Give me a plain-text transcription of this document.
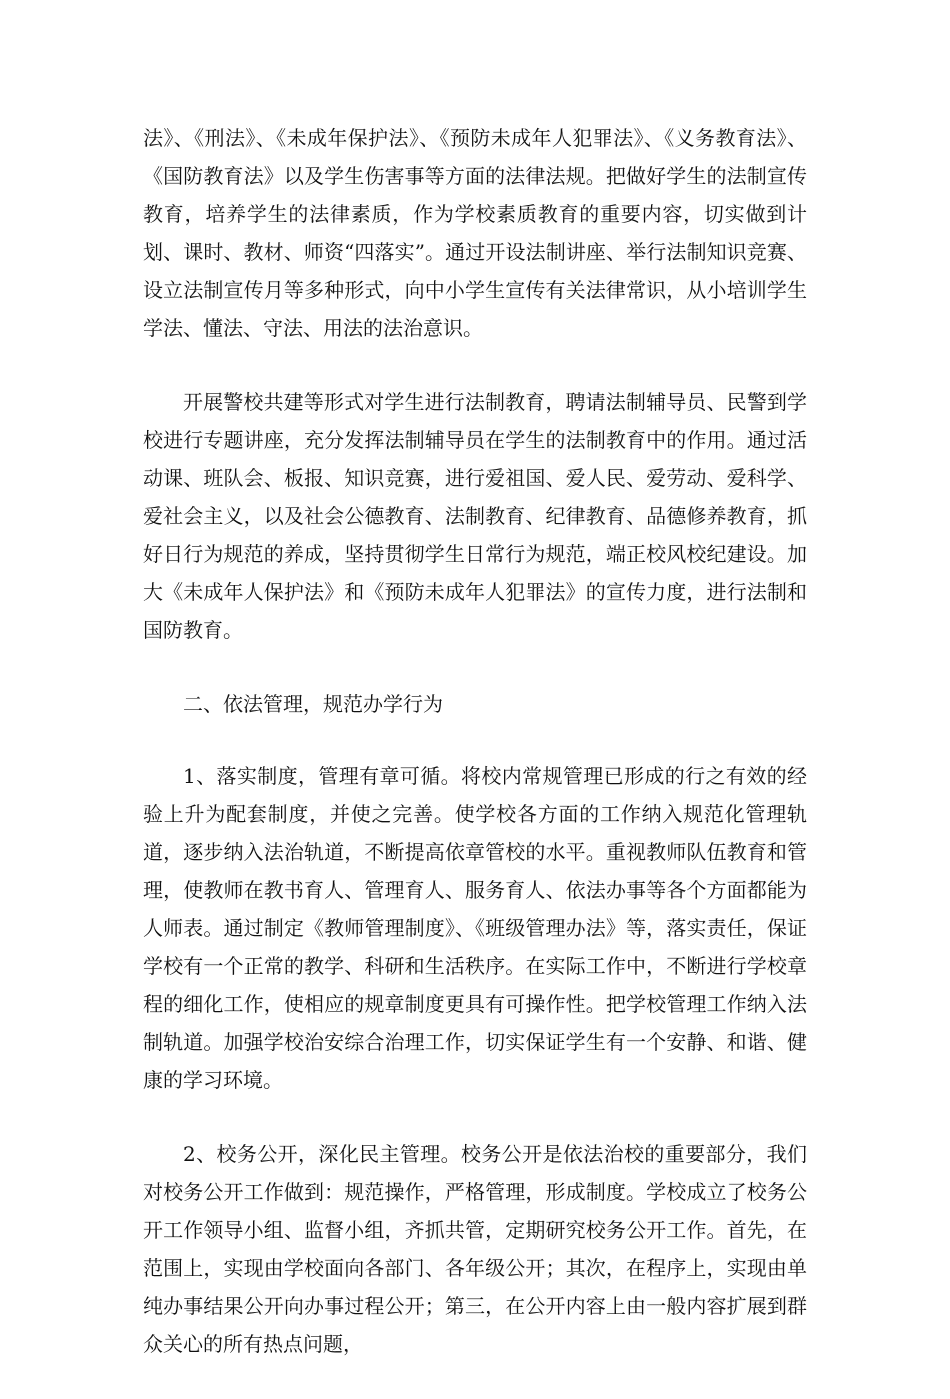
法》、《刑法》、《未成年保护法》、《预防未成年人犯罪法》、《义务教育法》、《国防教育法》以及学生伤害事等方面的法律法规。把做好学生的法制宣传教育，培养学生的法律素质，作为学校素质教育的重要内容，切实做到计划、课时、教材、师资“四落实”。通过开设法制讲座、举行法制知识竞赛、设立法制宣传月等多种形式，向中小学生宣传有关法律常识，从小培训学生学法、懂法、守法、用法的法治意识。

开展警校共建等形式对学生进行法制教育，聘请法制辅导员、民警到学校进行专题讲座，充分发挥法制辅导员在学生的法制教育中的作用。通过活动课、班队会、板报、知识竞赛，进行爱祖国、爱人民、爱劳动、爱科学、爱社会主义，以及社会公德教育、法制教育、纪律教育、品德修养教育，抓好日行为规范的养成，坚持贯彻学生日常行为规范，端正校风校纪建设。加大《未成年人保护法》和《预防未成年人犯罪法》的宣传力度，进行法制和国防教育。

二、依法管理，规范办学行为

1、落实制度，管理有章可循。将校内常规管理已形成的行之有效的经验上升为配套制度，并使之完善。使学校各方面的工作纳入规范化管理轨道，逐步纳入法治轨道，不断提高依章管校的水平。重视教师队伍教育和管理，使教师在教书育人、管理育人、服务育人、依法办事等各个方面都能为人师表。通过制定《教师管理制度》、《班级管理办法》等，落实责任，保证学校有一个正常的教学、科研和生活秩序。在实际工作中，不断进行学校章程的细化工作，使相应的规章制度更具有可操作性。把学校管理工作纳入法制轨道。加强学校治安综合治理工作，切实保证学生有一个安静、和谐、健康的学习环境。

2、校务公开，深化民主管理。校务公开是依法治校的重要部分，我们对校务公开工作做到：规范操作，严格管理，形成制度。学校成立了校务公开工作领导小组、监督小组，齐抓共管，定期研究校务公开工作。首先，在范围上，实现由学校面向各部门、各年级公开；其次，在程序上，实现由单纯办事结果公开向办事过程公开；第三，在公开内容上由一般内容扩展到群众关心的所有热点问题，
